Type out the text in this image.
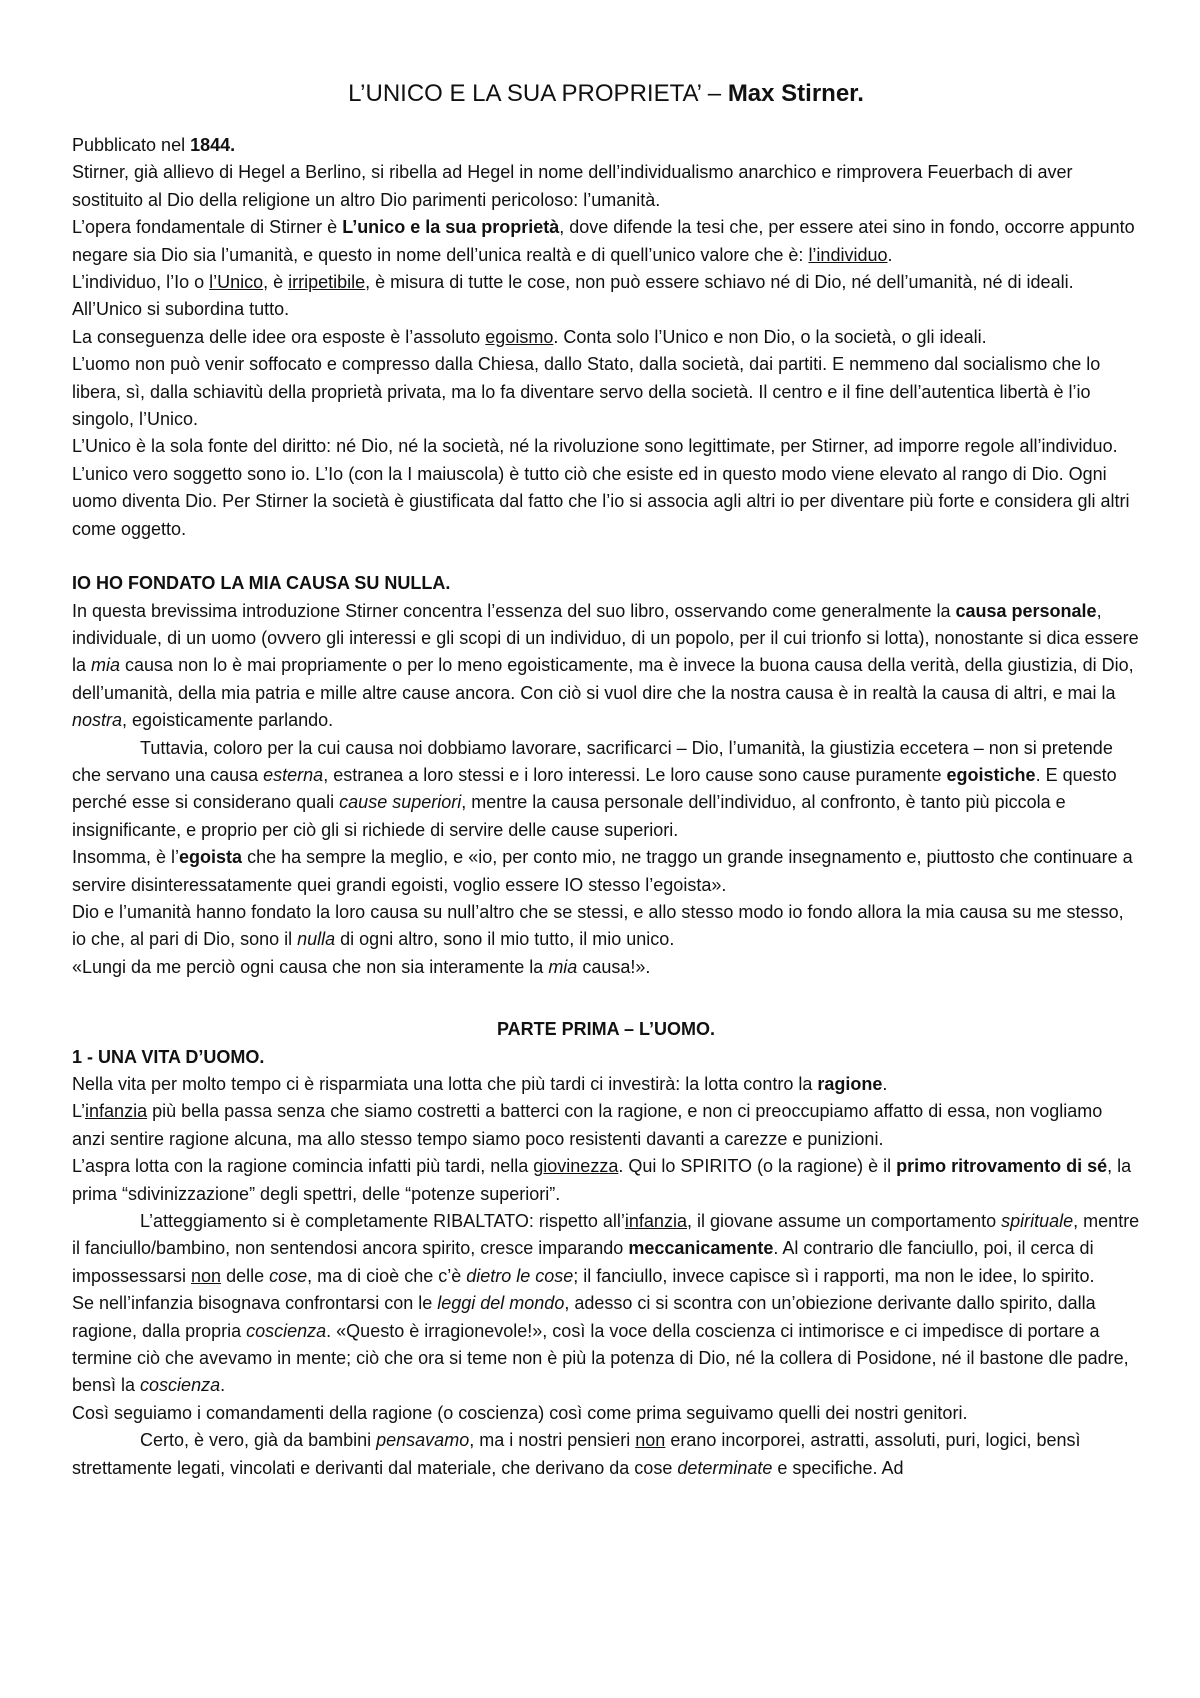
L’UNICO E LA SUA PROPRIETA’ – Max Stirner.

Pubblicato nel 1844.

Stirner, già allievo di Hegel a Berlino, si ribella ad Hegel in nome dell’individualismo anarchico e rimprovera Feuerbach di aver sostituito al Dio della religione un altro Dio parimenti pericoloso: l’umanità.

L’opera fondamentale di Stirner è L’unico e la sua proprietà, dove difende la tesi che, per essere atei sino in fondo, occorre appunto negare sia Dio sia l’umanità, e questo in nome dell’unica realtà e di quell’unico valore che è: l’individuo.

L’individuo, l’Io o l’Unico, è irripetibile, è misura di tutte le cose, non può essere schiavo né di Dio, né dell’umanità, né di ideali. All’Unico si subordina tutto.

La conseguenza delle idee ora esposte è l’assoluto egoismo. Conta solo l’Unico e non Dio, o la società, o gli ideali.

L’uomo non può venir soffocato e compresso dalla Chiesa, dallo Stato, dalla società, dai partiti. E nemmeno dal socialismo che lo libera, sì, dalla schiavitù della proprietà privata, ma lo fa diventare servo della società. Il centro e il fine dell’autentica libertà è l’io singolo, l’Unico.

L’Unico è la sola fonte del diritto: né Dio, né la società, né la rivoluzione sono legittimate, per Stirner, ad imporre regole all’individuo.

L’unico vero soggetto sono io. L’Io (con la I maiuscola) è tutto ciò che esiste ed in questo modo viene elevato al rango di Dio. Ogni uomo diventa Dio. Per Stirner la società è giustificata dal fatto che l’io si associa agli altri io per diventare più forte e considera gli altri come oggetto.

IO HO FONDATO LA MIA CAUSA SU NULLA.

In questa brevissima introduzione Stirner concentra l’essenza del suo libro, osservando come generalmente la causa personale, individuale, di un uomo (ovvero gli interessi e gli scopi di un individuo, di un popolo, per il cui trionfo si lotta), nonostante si dica essere la mia causa non lo è mai propriamente o per lo meno egoisticamente, ma è invece la buona causa della verità, della giustizia, di Dio, dell’umanità, della mia patria e mille altre cause ancora. Con ciò si vuol dire che la nostra causa è in realtà la causa di altri, e mai la nostra, egoisticamente parlando.

Tuttavia, coloro per la cui causa noi dobbiamo lavorare, sacrificarci – Dio, l’umanità, la giustizia eccetera – non si pretende che servano una causa esterna, estranea a loro stessi e i loro interessi. Le loro cause sono cause puramente egoistiche. E questo perché esse si considerano quali cause superiori, mentre la causa personale dell’individuo, al confronto, è tanto più piccola e insignificante, e proprio per ciò gli si richiede di servire delle cause superiori.

Insomma, è l’egoista che ha sempre la meglio, e «io, per conto mio, ne traggo un grande insegnamento e, piuttosto che continuare a servire disinteressatamente quei grandi egoisti, voglio essere IO stesso l’egoista».

Dio e l’umanità hanno fondato la loro causa su null’altro che se stessi, e allo stesso modo io fondo allora la mia causa su me stesso, io che, al pari di Dio, sono il nulla di ogni altro, sono il mio tutto, il mio unico.

«Lungi da me perciò ogni causa che non sia interamente la mia causa!».

PARTE PRIMA – L’UOMO.

1 - UNA VITA D’UOMO.

Nella vita per molto tempo ci è risparmiata una lotta che più tardi ci investirà: la lotta contro la ragione.

L’infanzia più bella passa senza che siamo costretti a batterci con la ragione, e non ci preoccupiamo affatto di essa, non vogliamo anzi sentire ragione alcuna, ma allo stesso tempo siamo poco resistenti davanti a carezze e punizioni.

L’aspra lotta con la ragione comincia infatti più tardi, nella giovinezza. Qui lo SPIRITO (o la ragione) è il primo ritrovamento di sé, la prima “sdivinizzazione” degli spettri, delle “potenze superiori”.

L’atteggiamento si è completamente RIBALTATO: rispetto all’infanzia, il giovane assume un comportamento spirituale, mentre il fanciullo/bambino, non sentendosi ancora spirito, cresce imparando meccanicamente. Al contrario dle fanciullo, poi, il cerca di impossessarsi non delle cose, ma di cioè che c’è dietro le cose; il fanciullo, invece capisce sì i rapporti, ma non le idee, lo spirito.

Se nell’infanzia bisognava confrontarsi con le leggi del mondo, adesso ci si scontra con un’obiezione derivante dallo spirito, dalla ragione, dalla propria coscienza. «Questo è irragionevole!», così la voce della coscienza ci intimorisce e ci impedisce di portare a termine ciò che avevamo in mente; ciò che ora si teme non è più la potenza di Dio, né la collera di Posidone, né il bastone dle padre, bensì la coscienza.

Così seguiamo i comandamenti della ragione (o coscienza) così come prima seguivamo quelli dei nostri genitori.

Certo, è vero, già da bambini pensavamo, ma i nostri pensieri non erano incorporei, astratti, assoluti, puri, logici, bensì strettamente legati, vincolati e derivanti dal materiale, che derivano da cose determinate e specifiche. Ad
